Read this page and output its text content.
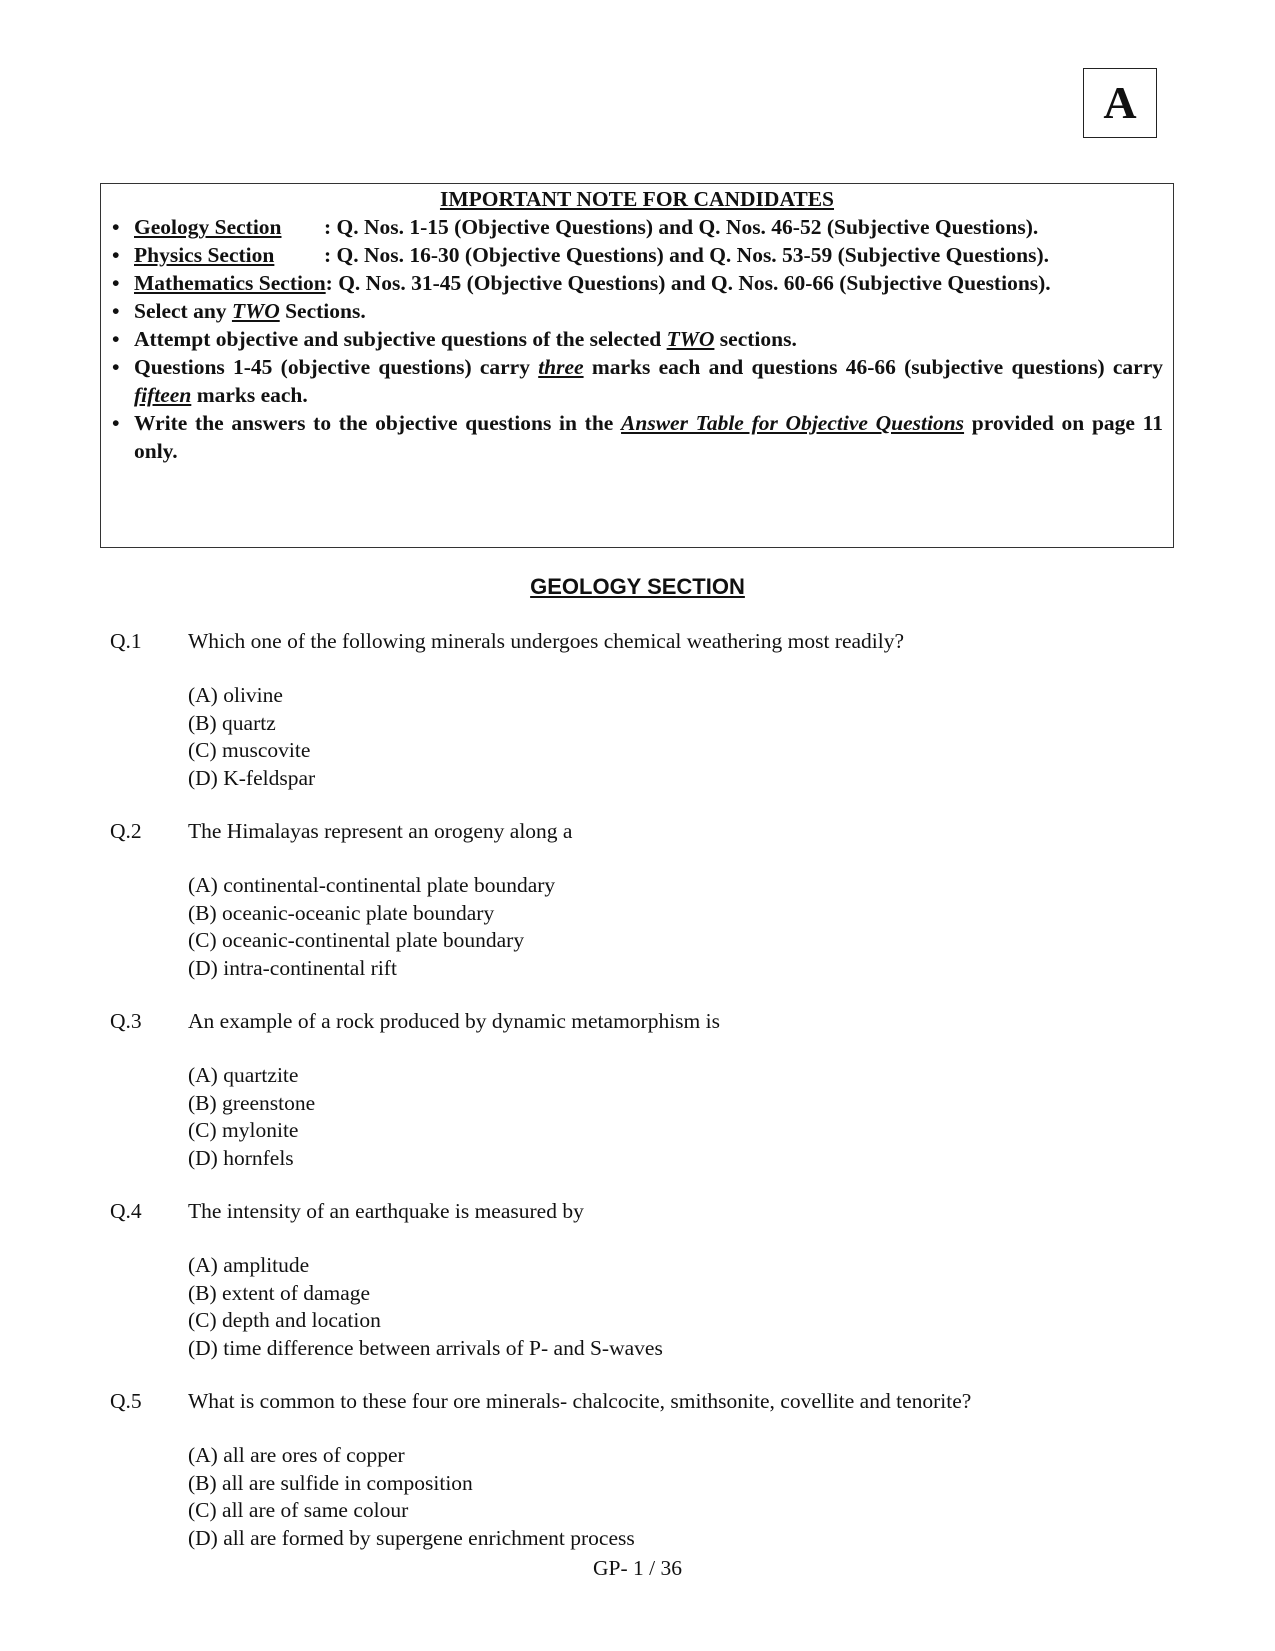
A
IMPORTANT NOTE FOR CANDIDATES
• Geology Section : Q. Nos. 1-15 (Objective Questions) and Q. Nos. 46-52 (Subjective Questions).
• Physics Section : Q. Nos. 16-30 (Objective Questions) and Q. Nos. 53-59 (Subjective Questions).
• Mathematics Section: Q. Nos. 31-45 (Objective Questions) and Q. Nos. 60-66 (Subjective Questions).
• Select any TWO Sections.
• Attempt objective and subjective questions of the selected TWO sections.
• Questions 1-45 (objective questions) carry three marks each and questions 46-66 (subjective questions) carry fifteen marks each.
• Write the answers to the objective questions in the Answer Table for Objective Questions provided on page 11 only.
GEOLOGY SECTION
Q.1 Which one of the following minerals undergoes chemical weathering most readily?
(A) olivine
(B) quartz
(C) muscovite
(D) K-feldspar
Q.2 The Himalayas represent an orogeny along a
(A) continental-continental plate boundary
(B) oceanic-oceanic plate boundary
(C) oceanic-continental plate boundary
(D) intra-continental rift
Q.3 An example of a rock produced by dynamic metamorphism is
(A) quartzite
(B) greenstone
(C) mylonite
(D) hornfels
Q.4 The intensity of an earthquake is measured by
(A) amplitude
(B) extent of damage
(C) depth and location
(D) time difference between arrivals of P- and S-waves
Q.5 What is common to these four ore minerals- chalcocite, smithsonite, covellite and tenorite?
(A) all are ores of copper
(B) all are sulfide in composition
(C) all are of same colour
(D) all are formed by supergene enrichment process
GP- 1 / 36
